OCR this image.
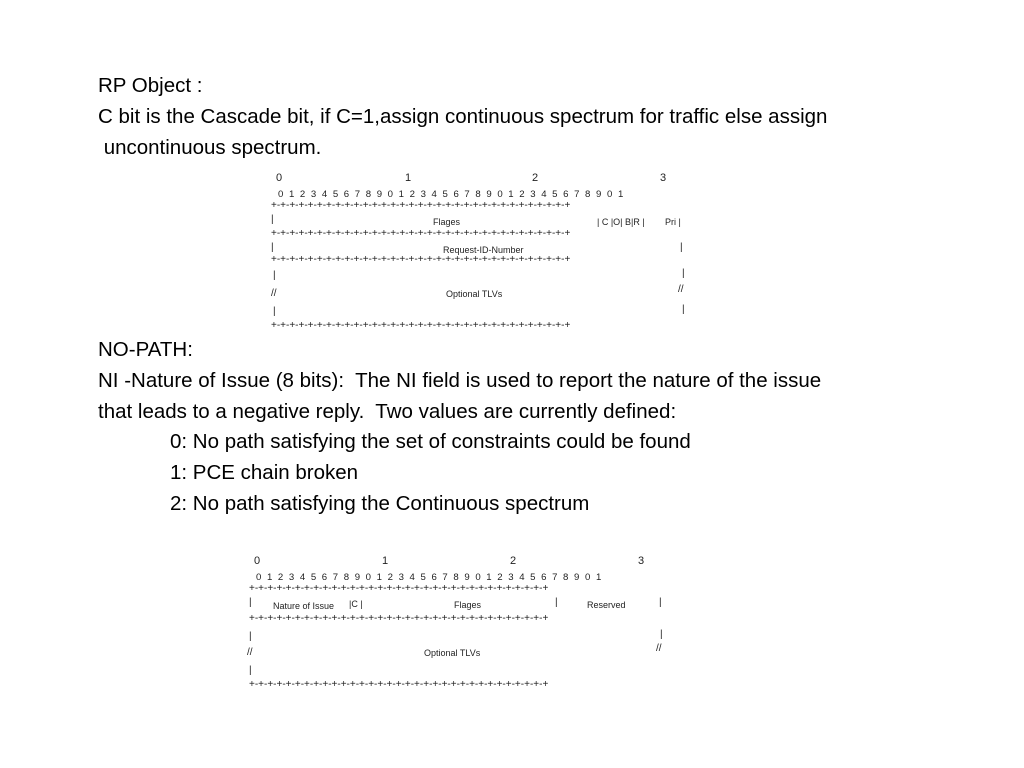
RP Object :
C bit is the Cascade bit, if C=1,assign continuous spectrum for traffic else assign
uncontinuous spectrum.
0	1	2	3
0  1  2  3  4  5  6  7  8  9  0  1  2  3  4  5  6  7  8  9  0  1  2  3  4  5  6  7  8  9  0  1
+-+-+-+-+-+-+-+-+-+-+-+-+-+-+-+-+-+-+-+-+-+-+-+-+-+-+-+-+-+-+-+-+
|	Flages	| C |O| B|R | Pri |
+-+-+-+-+-+-+-+-+-+-+-+-+-+-+-+-+-+-+-+-+-+-+-+-+-+-+-+-+-+-+-+-+
|	Request-ID-Number	|
+-+-+-+-+-+-+-+-+-+-+-+-+-+-+-+-+-+-+-+-+-+-+-+-+-+-+-+-+-+-+-+-+
|	|
//	Optional TLVs	//
|	|
+-+-+-+-+-+-+-+-+-+-+-+-+-+-+-+-+-+-+-+-+-+-+-+-+-+-+-+-+-+-+-+-+
NO-PATH:
NI -Nature of Issue (8 bits):  The NI field is used to report the nature of the issue
that leads to a negative reply.  Two values are currently defined:
0: No path satisfying the set of constraints could be found
1: PCE chain broken
2: No path satisfying the Continuous spectrum
0	1	2	3
0  1  2  3  4  5  6  7  8  9  0  1  2  3  4  5  6  7  8  9  0  1  2  3  4  5  6  7  8  9  0  1
+-+-+-+-+-+-+-+-+-+-+-+-+-+-+-+-+-+-+-+-+-+-+-+-+-+-+-+-+-+-+-+-+
| Nature of Issue |C |	Flages	|	Reserved	|
+-+-+-+-+-+-+-+-+-+-+-+-+-+-+-+-+-+-+-+-+-+-+-+-+-+-+-+-+-+-+-+-+
|	|
//	Optional TLVs	//
|
+-+-+-+-+-+-+-+-+-+-+-+-+-+-+-+-+-+-+-+-+-+-+-+-+-+-+-+-+-+-+-+-+
